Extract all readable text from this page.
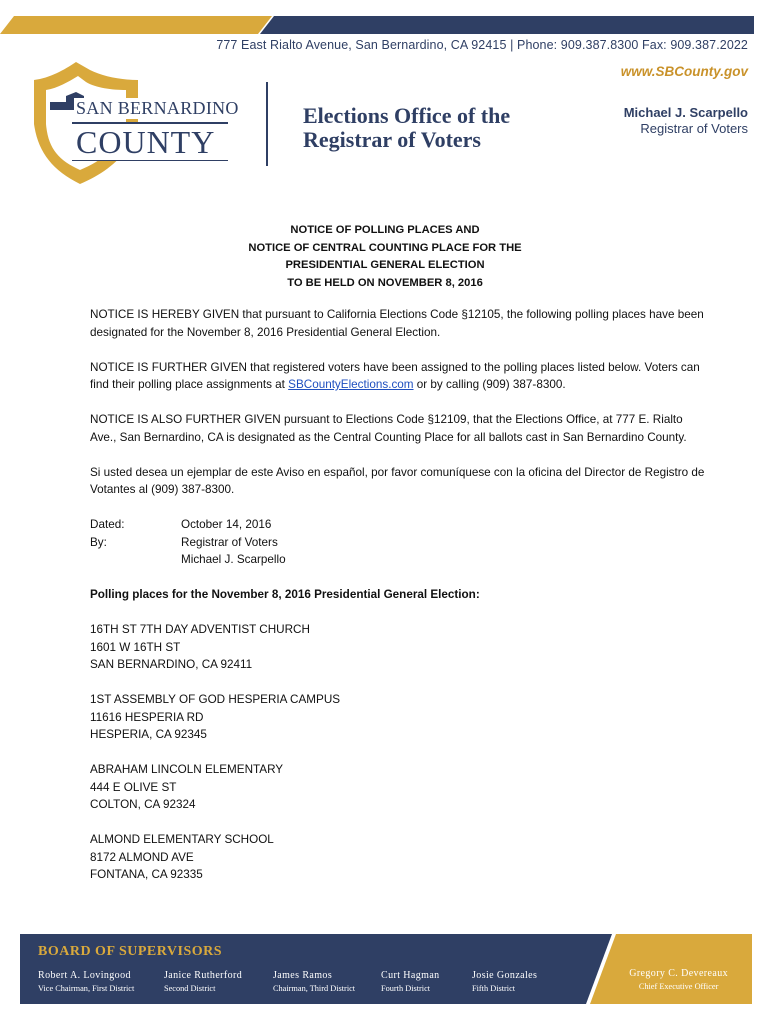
777 East Rialto Avenue, San Bernardino, CA 92415 | Phone: 909.387.8300 Fax: 909.387.2022
www.SBCounty.gov
SAN BERNARDINO
COUNTY
Elections Office of the
Registrar of Voters
Michael J. Scarpello
Registrar of Voters
NOTICE OF POLLING PLACES AND
NOTICE OF CENTRAL COUNTING PLACE FOR THE
PRESIDENTIAL GENERAL ELECTION
TO BE HELD ON NOVEMBER 8, 2016

NOTICE IS HEREBY GIVEN that pursuant to California Elections Code §12105, the following polling places have been designated for the November 8, 2016 Presidential General Election.

NOTICE IS FURTHER GIVEN that registered voters have been assigned to the polling places listed below. Voters can find their polling place assignments at SBCountyElections.com or by calling (909) 387-8300.

NOTICE IS ALSO FURTHER GIVEN pursuant to Elections Code §12109, that the Elections Office, at 777 E. Rialto Ave., San Bernardino, CA is designated as the Central Counting Place for all ballots cast in San Bernardino County.

Si usted desea un ejemplar de este Aviso en español, por favor comuníquese con la oficina del Director de Registro de Votantes al (909) 387-8300.

Dated:	October 14, 2016
By:	Registrar of Voters
	Michael J. Scarpello

Polling places for the November 8, 2016 Presidential General Election:

16TH ST 7TH DAY ADVENTIST CHURCH
1601 W 16TH ST
SAN BERNARDINO, CA 92411
1ST ASSEMBLY OF GOD HESPERIA CAMPUS
11616 HESPERIA RD
HESPERIA, CA 92345
ABRAHAM LINCOLN ELEMENTARY
444 E OLIVE ST
COLTON, CA 92324
ALMOND ELEMENTARY SCHOOL
8172 ALMOND AVE
FONTANA, CA 92335
BOARD OF SUPERVISORS
Robert A. Lovingood
Vice Chairman, First District
Janice Rutherford
Second District
James Ramos
Chairman, Third District
Curt Hagman
Fourth District
Josie Gonzales
Fifth District
Gregory C. Devereaux
Chief Executive Officer
